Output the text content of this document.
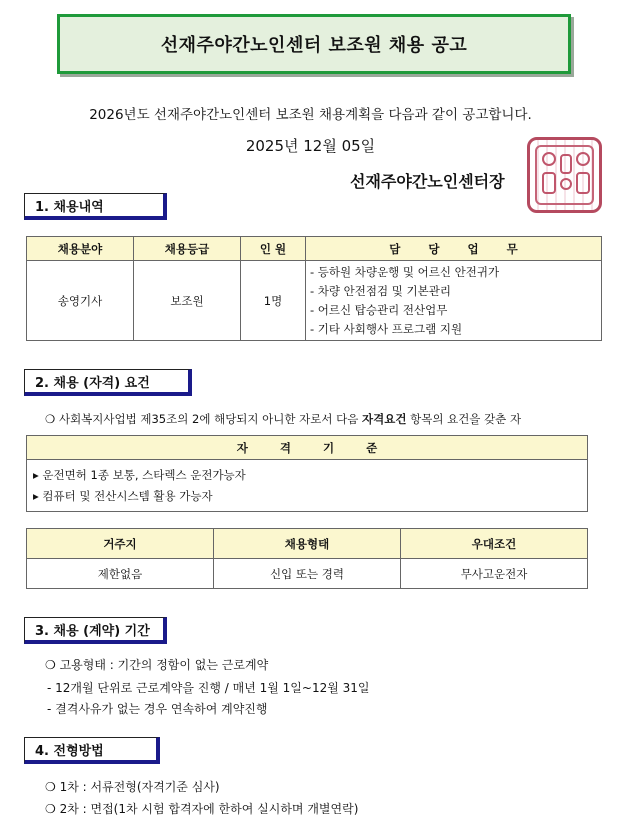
선재주야간노인센터 보조원 채용 공고
2026년도 선재주야간노인센터 보조원 채용계획을 다음과 같이 공고합니다.
2025년 12월 05일
선재주야간노인센터장
1. 채용내역
채용분야	채용등급	인 원	담 당 업 무
송영기사	보조원	1명	- 등하원 차량운행 및 어르신 안전귀가
- 차량 안전점검 및 기본관리
- 어르신 탑승관리 전산업무
- 기타 사회행사 프로그램 지원
2. 채용 (자격) 요건
❍ 사회복지사업법 제35조의 2에 해당되지 아니한 자로서 다음 자격요건 항목의 요건을 갖춘 자
자 격 기 준

▸ 운전면허 1종 보통, 스타렉스 운전가능자
▸ 컴퓨터 및 전산시스템 활용 가능자
거주지	채용형태	우대조건
제한없음	신입 또는 경력	무사고운전자
3. 채용 (계약) 기간
❍ 고용형태 : 기간의 정함이 없는 근로계약
- 12개월 단위로 근로계약을 진행 / 매년 1월 1일~12월 31일
- 결격사유가 없는 경우 연속하여 계약진행
4. 전형방법
❍ 1차 : 서류전형(자격기준 심사)
❍ 2차 : 면접(1차 시험 합격자에 한하여 실시하며 개별연락)
